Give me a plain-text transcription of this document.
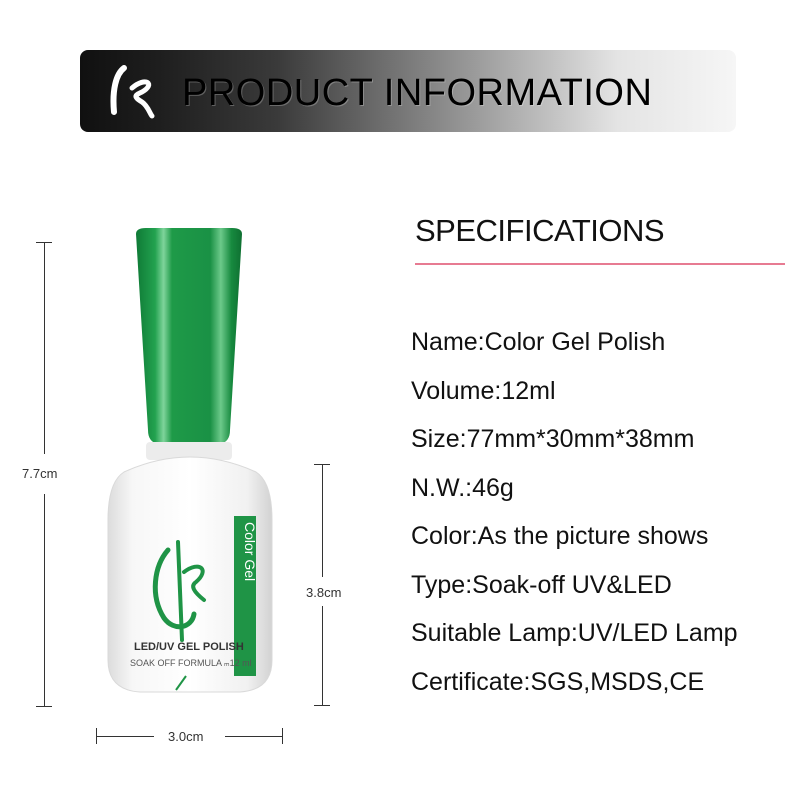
PRODUCT INFORMATION
SPECIFICATIONS
Name:Color Gel Polish
Volume:12ml
Size:77mm*30mm*38mm
N.W.:46g
Color:As the picture shows
Type:Soak-off UV&LED
Suitable Lamp:UV/LED Lamp
Certificate:SGS,MSDS,CE
7.7cm
3.8cm
3.0cm
Color Gel
LED/UV GEL POLISH
SOAK OFF FORMULA ₘ12 ml
